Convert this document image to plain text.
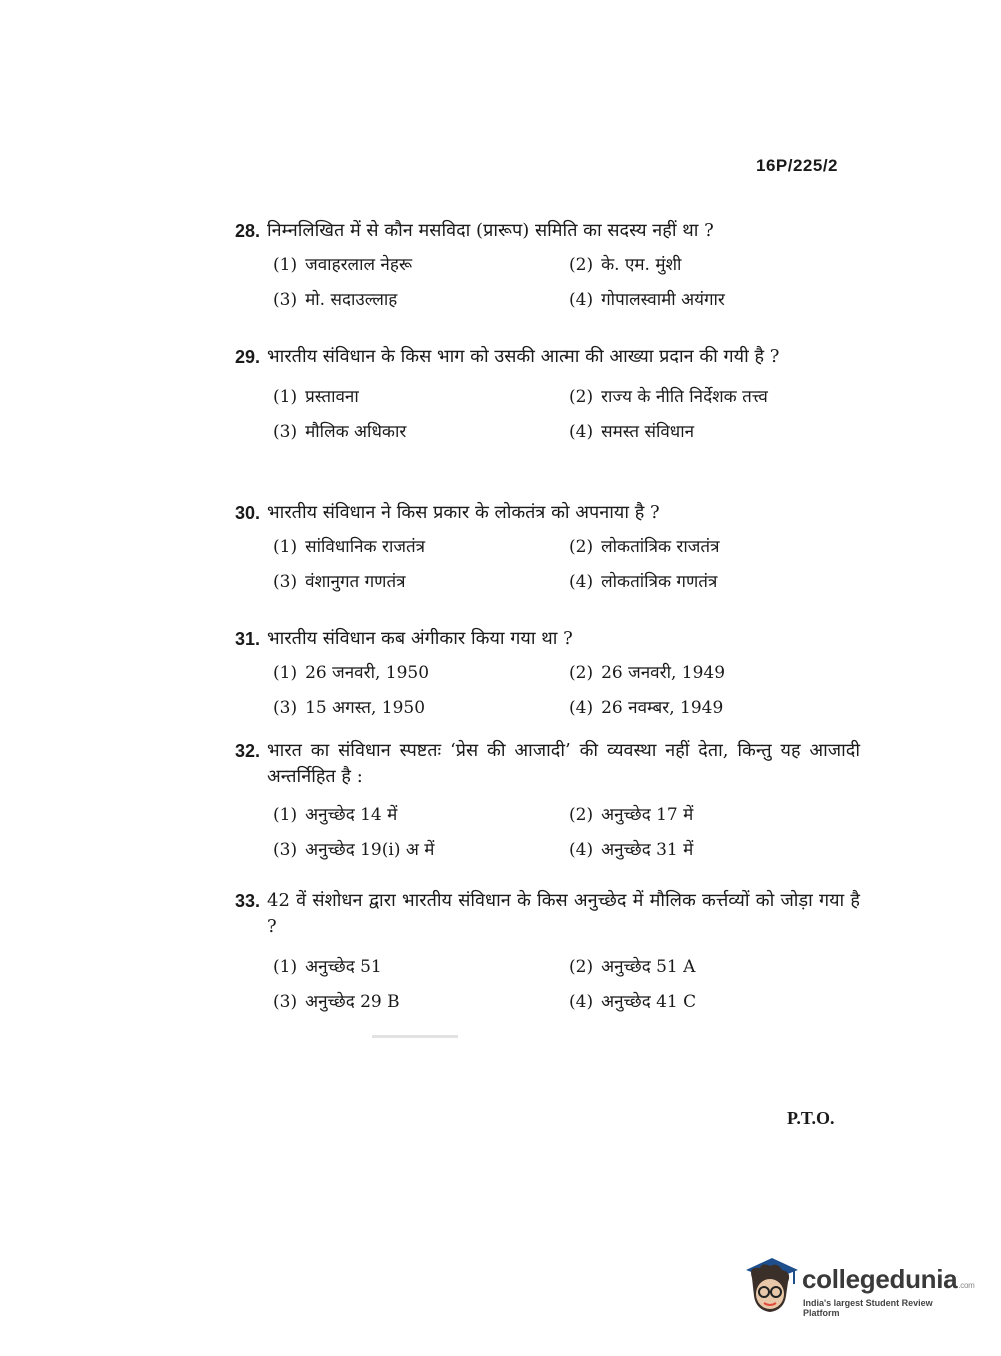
16P/225/2
28. निम्नलिखित में से कौन मसविदा (प्रारूप) समिति का सदस्य नहीं था ?
(1) जवाहरलाल नेहरू	(2) के. एम. मुंशी
(3) मो. सदाउल्लाह	(4) गोपालस्वामी अयंगार
29. भारतीय संविधान के किस भाग को उसकी आत्मा की आख्या प्रदान की गयी है ?
(1) प्रस्तावना	(2) राज्य के नीति निर्देशक तत्त्व
(3) मौलिक अधिकार	(4) समस्त संविधान
30. भारतीय संविधान ने किस प्रकार के लोकतंत्र को अपनाया है ?
(1) सांविधानिक राजतंत्र	(2) लोकतांत्रिक राजतंत्र
(3) वंशानुगत गणतंत्र	(4) लोकतांत्रिक गणतंत्र
31. भारतीय संविधान कब अंगीकार किया गया था ?
(1) 26 जनवरी, 1950	(2) 26 जनवरी, 1949
(3) 15 अगस्त, 1950	(4) 26 नवम्बर, 1949
32. भारत का संविधान स्पष्टतः ‘प्रेस की आजादी’ की व्यवस्था नहीं देता, किन्तु यह आजादी अन्तर्निहित है :
(1) अनुच्छेद 14 में	(2) अनुच्छेद 17 में
(3) अनुच्छेद 19(i) अ में	(4) अनुच्छेद 31 में
33. 42 वें संशोधन द्वारा भारतीय संविधान के किस अनुच्छेद में मौलिक कर्त्तव्यों को जोड़ा गया है ?
(1) अनुच्छेद 51	(2) अनुच्छेद 51 A
(3) अनुच्छेद 29 B	(4) अनुच्छेद 41 C
P.T.O.
collegedunia.com
India's largest Student Review Platform
